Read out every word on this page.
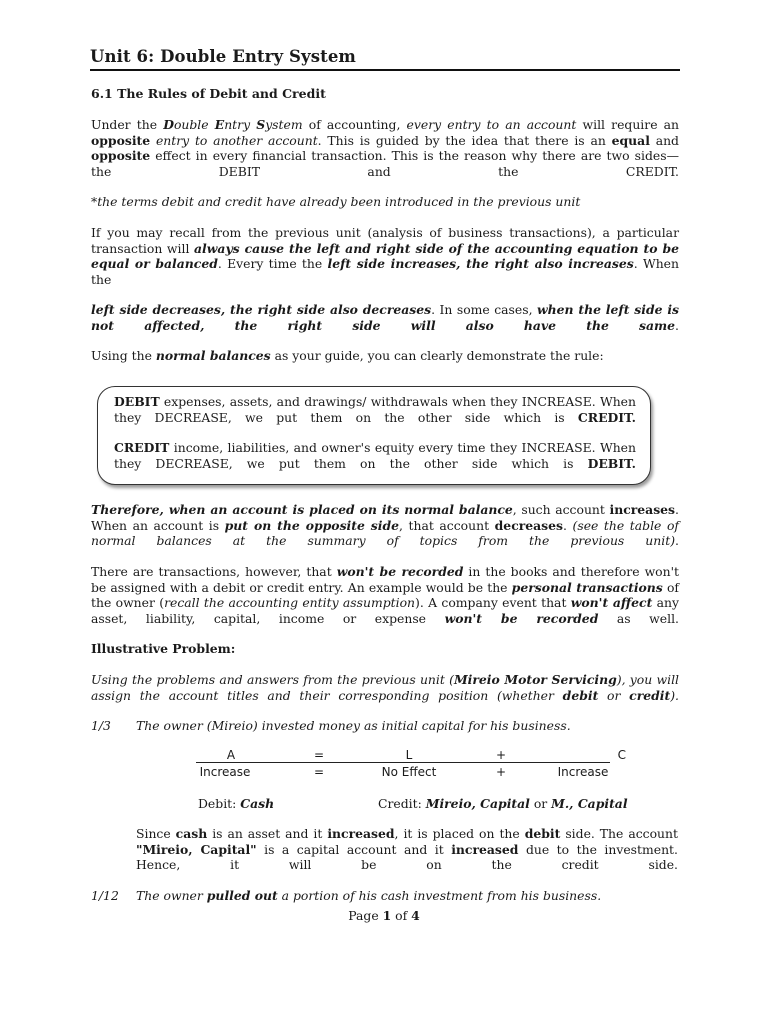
Unit 6: Double Entry System
6.1 The Rules of Debit and Credit

Under the Double Entry System of accounting, every entry to an account will require an opposite entry to another account. This is guided by the idea that there is an equal and opposite effect in every financial transaction. This is the reason why there are two sides—the DEBIT and the CREDIT.

*the terms debit and credit have already been introduced in the previous unit

If you may recall from the previous unit (analysis of business transactions), a particular transaction will always cause the left and right side of the accounting equation to be equal or balanced. Every time the left side increases, the right also increases. When the

left side decreases, the right side also decreases. In some cases, when the left side is not affected, the right side will also have the same.

Using the normal balances as your guide, you can clearly demonstrate the rule:

DEBIT expenses, assets, and drawings/ withdrawals when they INCREASE. When they DECREASE, we put them on the other side which is CREDIT.

CREDIT income, liabilities, and owner's equity every time they INCREASE. When they DECREASE, we put them on the other side which is DEBIT.

Therefore, when an account is placed on its normal balance, such account increases. When an account is put on the opposite side, that account decreases. (see the table of normal balances at the summary of topics from the previous unit).

There are transactions, however, that won't be recorded in the books and therefore won't be assigned with a debit or credit entry. An example would be the personal transactions of the owner (recall the accounting entity assumption). A company event that won't affect any asset, liability, capital, income or expense won't be recorded as well.

Illustrative Problem:

Using the problems and answers from the previous unit (Mireio Motor Servicing), you will assign the account titles and their corresponding position (whether debit or credit).

1/3 The owner (Mireio) invested money as initial capital for his business.
A	=	L	+	C
Increase	=	No Effect	+	Increase
Debit: Cash	Credit: Mireio, Capital or M., Capital

Since cash is an asset and it increased, it is placed on the debit side. The account "Mireio, Capital" is a capital account and it increased due to the investment. Hence, it will be on the credit side.

1/12 The owner pulled out a portion of his cash investment from his business.
Page 1 of 4
